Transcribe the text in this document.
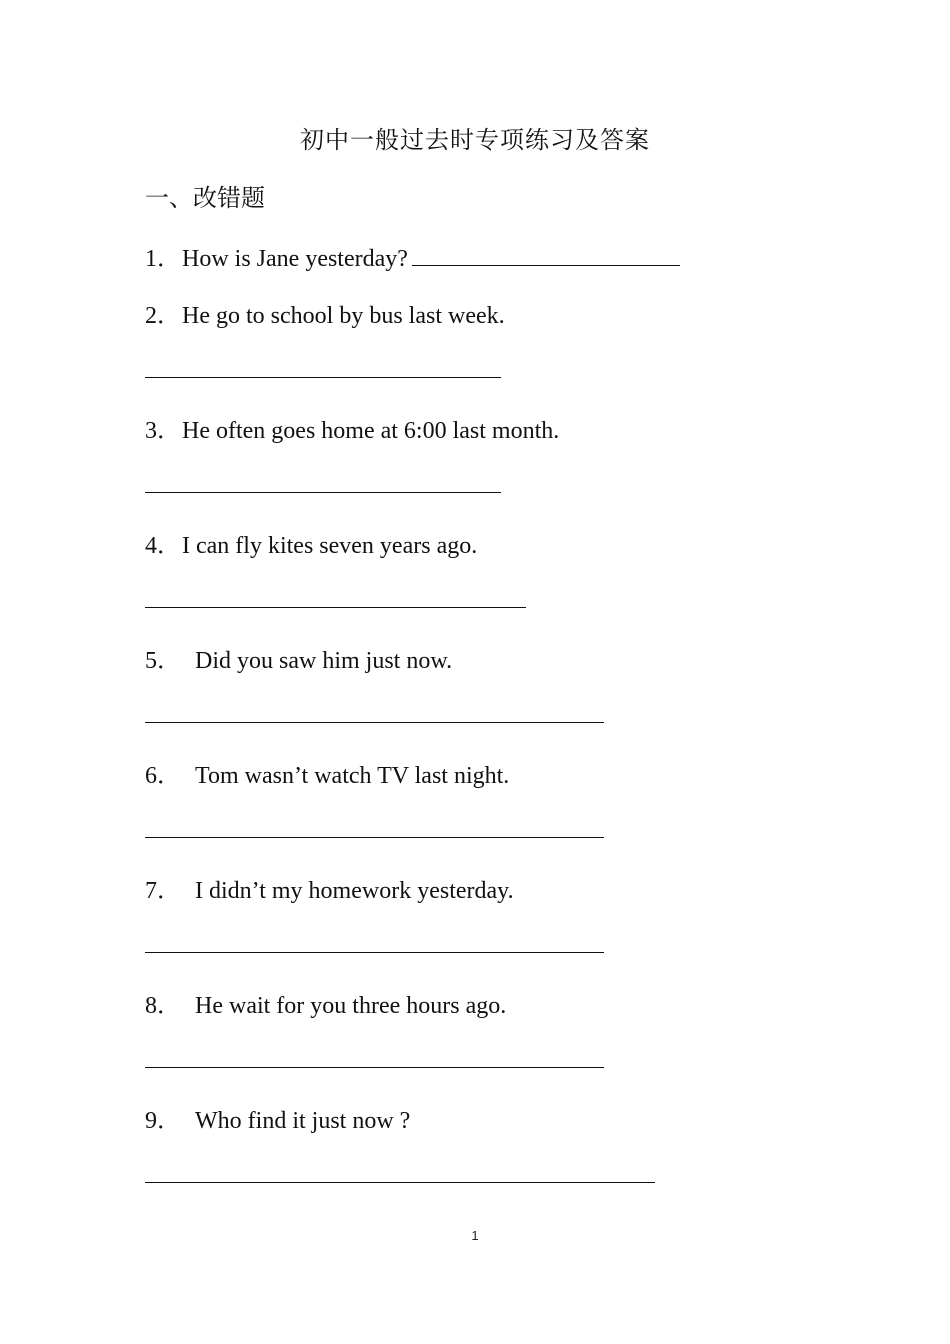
初中一般过去时专项练习及答案
一、改错题
1．How is Jane yesterday?
2．He go to school by bus last week.
3．He often goes home at 6:00 last month.
4．I can fly kites seven years ago.
5． Did you saw him just now.
6． Tom wasn’t watch TV last night.
7． I didn’t my homework yesterday.
8． He wait for you three hours ago.
9． Who find it just now ?
1
